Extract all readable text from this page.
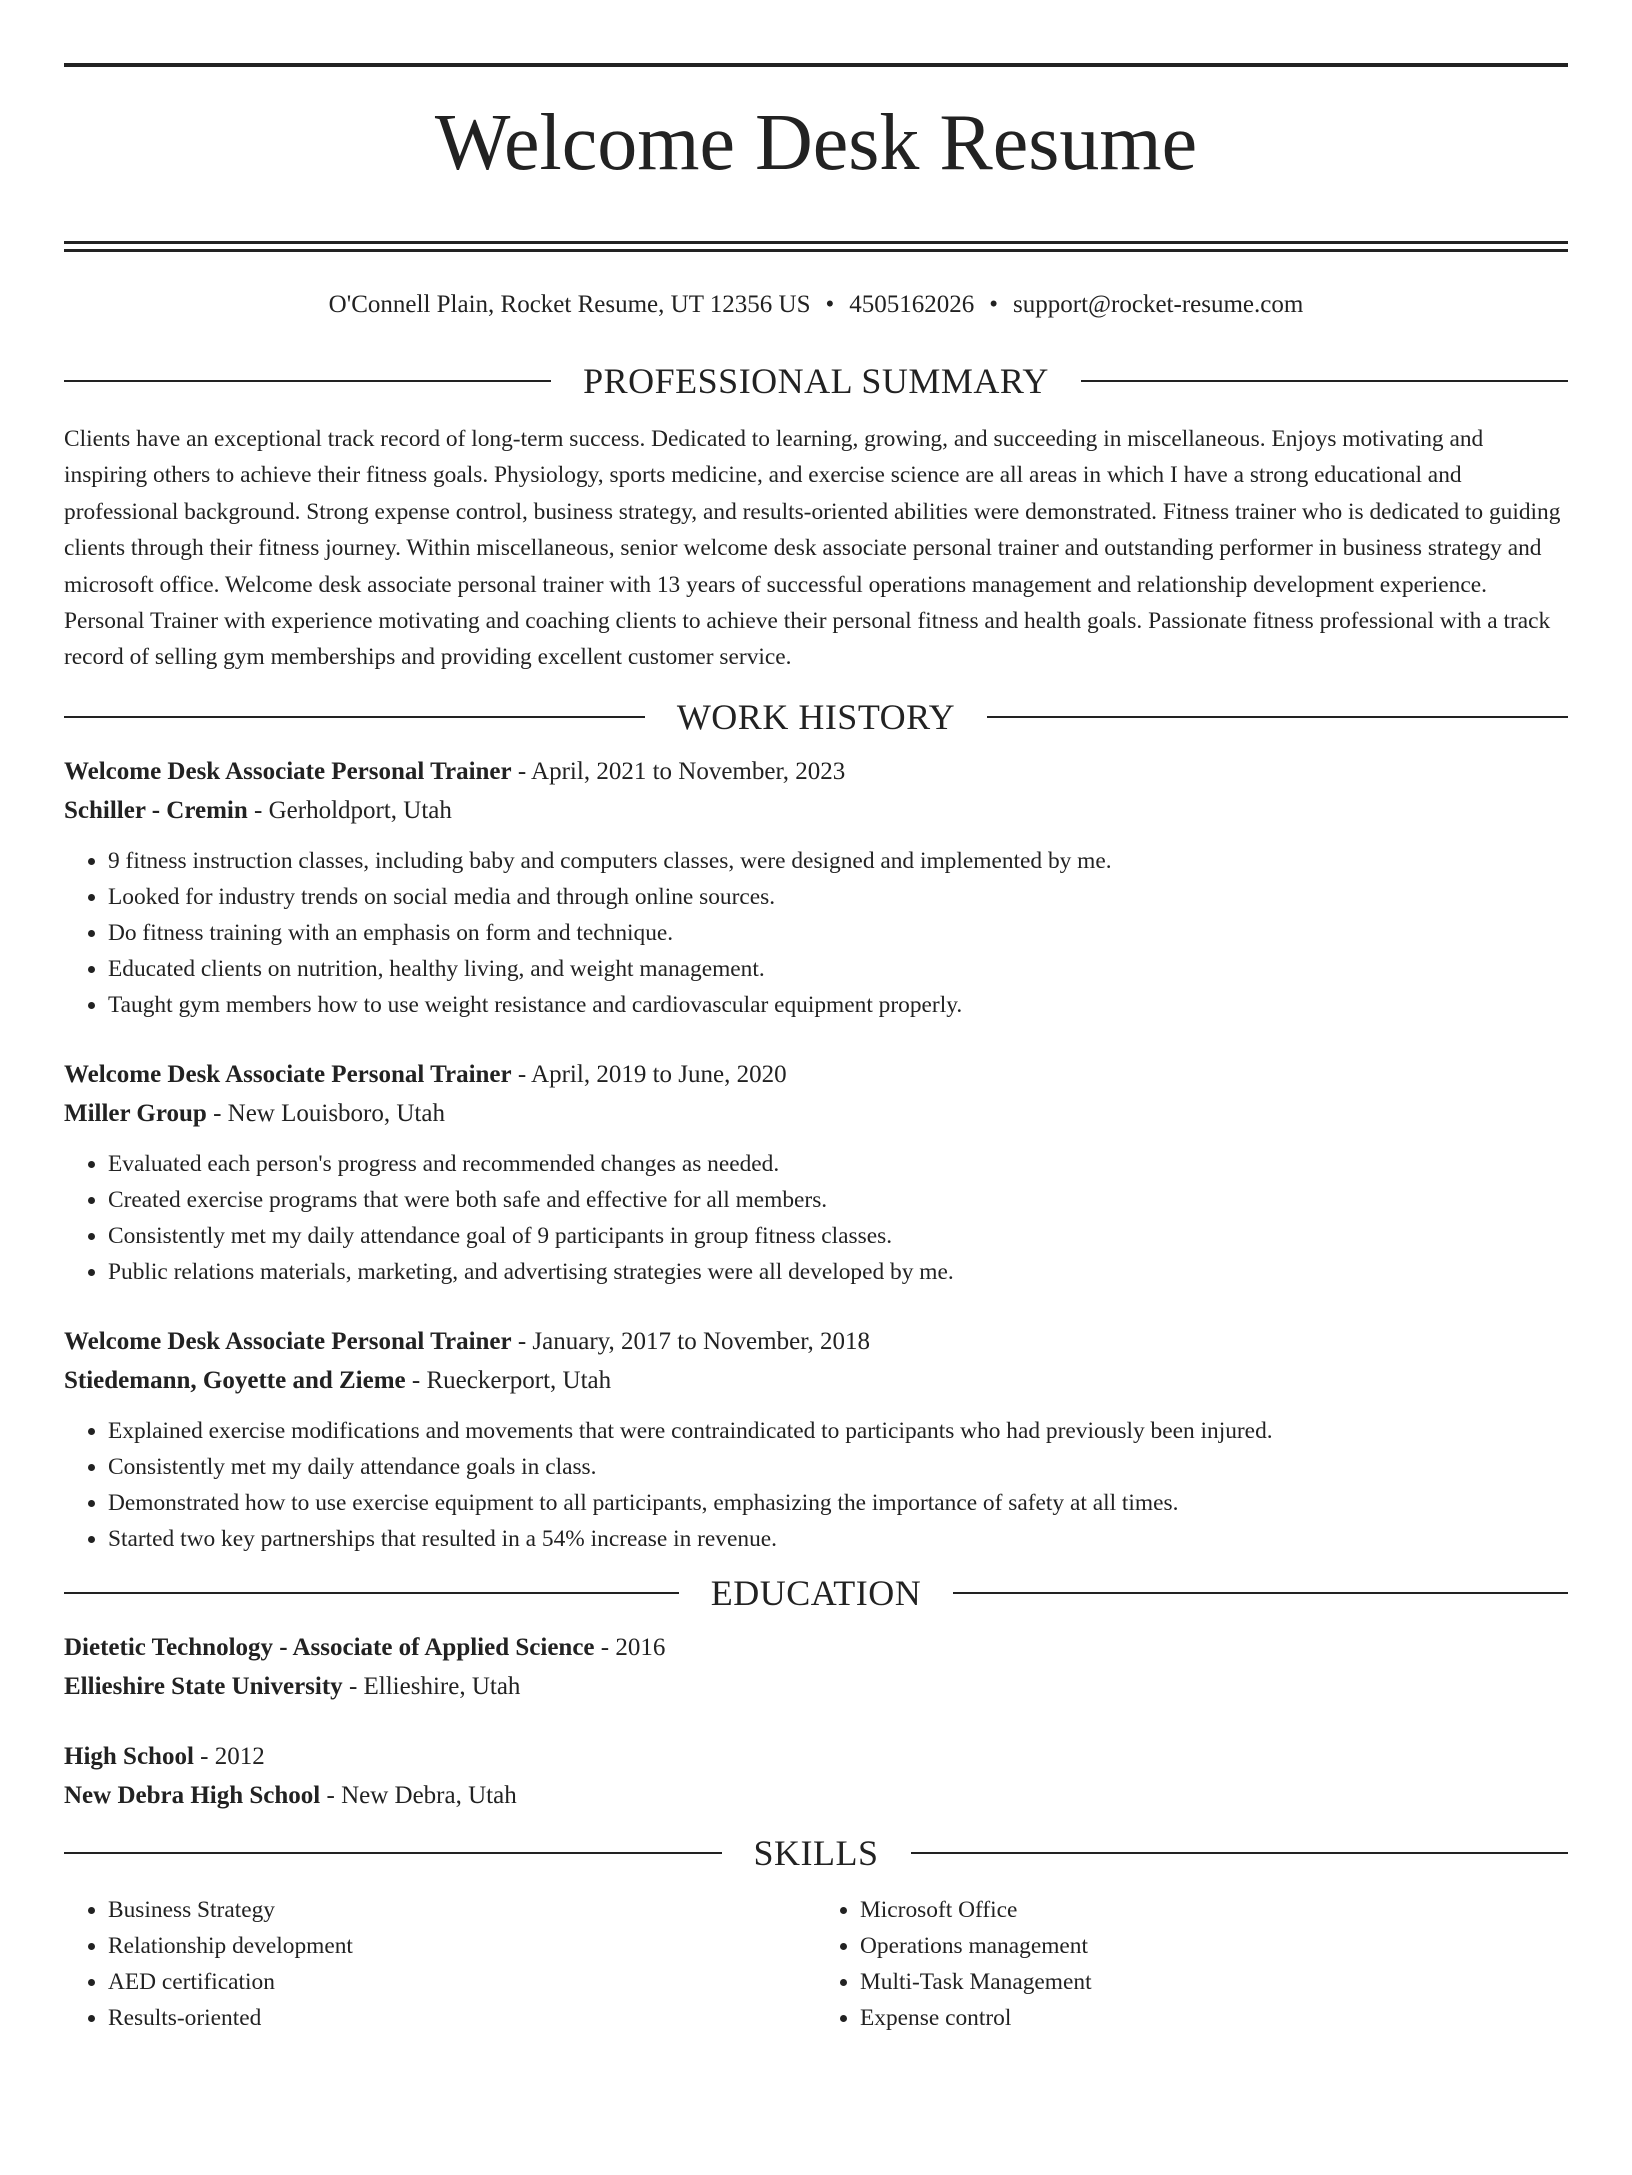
Welcome Desk Resume
O'Connell Plain, Rocket Resume, UT 12356 US • 4505162026 • support@rocket-resume.com
PROFESSIONAL SUMMARY

Clients have an exceptional track record of long-term success. Dedicated to learning, growing, and succeeding in miscellaneous. Enjoys motivating and inspiring others to achieve their fitness goals. Physiology, sports medicine, and exercise science are all areas in which I have a strong educational and professional background. Strong expense control, business strategy, and results-oriented abilities were demonstrated. Fitness trainer who is dedicated to guiding clients through their fitness journey. Within miscellaneous, senior welcome desk associate personal trainer and outstanding performer in business strategy and microsoft office. Welcome desk associate personal trainer with 13 years of successful operations management and relationship development experience. Personal Trainer with experience motivating and coaching clients to achieve their personal fitness and health goals. Passionate fitness professional with a track record of selling gym memberships and providing excellent customer service.

WORK HISTORY
Welcome Desk Associate Personal Trainer - April, 2021 to November, 2023
Schiller - Cremin - Gerholdport, Utah
• 9 fitness instruction classes, including baby and computers classes, were designed and implemented by me.
• Looked for industry trends on social media and through online sources.
• Do fitness training with an emphasis on form and technique.
• Educated clients on nutrition, healthy living, and weight management.
• Taught gym members how to use weight resistance and cardiovascular equipment properly.
Welcome Desk Associate Personal Trainer - April, 2019 to June, 2020
Miller Group - New Louisboro, Utah
• Evaluated each person's progress and recommended changes as needed.
• Created exercise programs that were both safe and effective for all members.
• Consistently met my daily attendance goal of 9 participants in group fitness classes.
• Public relations materials, marketing, and advertising strategies were all developed by me.
Welcome Desk Associate Personal Trainer - January, 2017 to November, 2018
Stiedemann, Goyette and Zieme - Rueckerport, Utah
• Explained exercise modifications and movements that were contraindicated to participants who had previously been injured.
• Consistently met my daily attendance goals in class.
• Demonstrated how to use exercise equipment to all participants, emphasizing the importance of safety at all times.
• Started two key partnerships that resulted in a 54% increase in revenue.
EDUCATION
Dietetic Technology - Associate of Applied Science - 2016
Ellieshire State University - Ellieshire, Utah
High School - 2012
New Debra High School - New Debra, Utah
SKILLS
• Business Strategy
• Relationship development
• AED certification
• Results-oriented
• Microsoft Office
• Operations management
• Multi-Task Management
• Expense control
